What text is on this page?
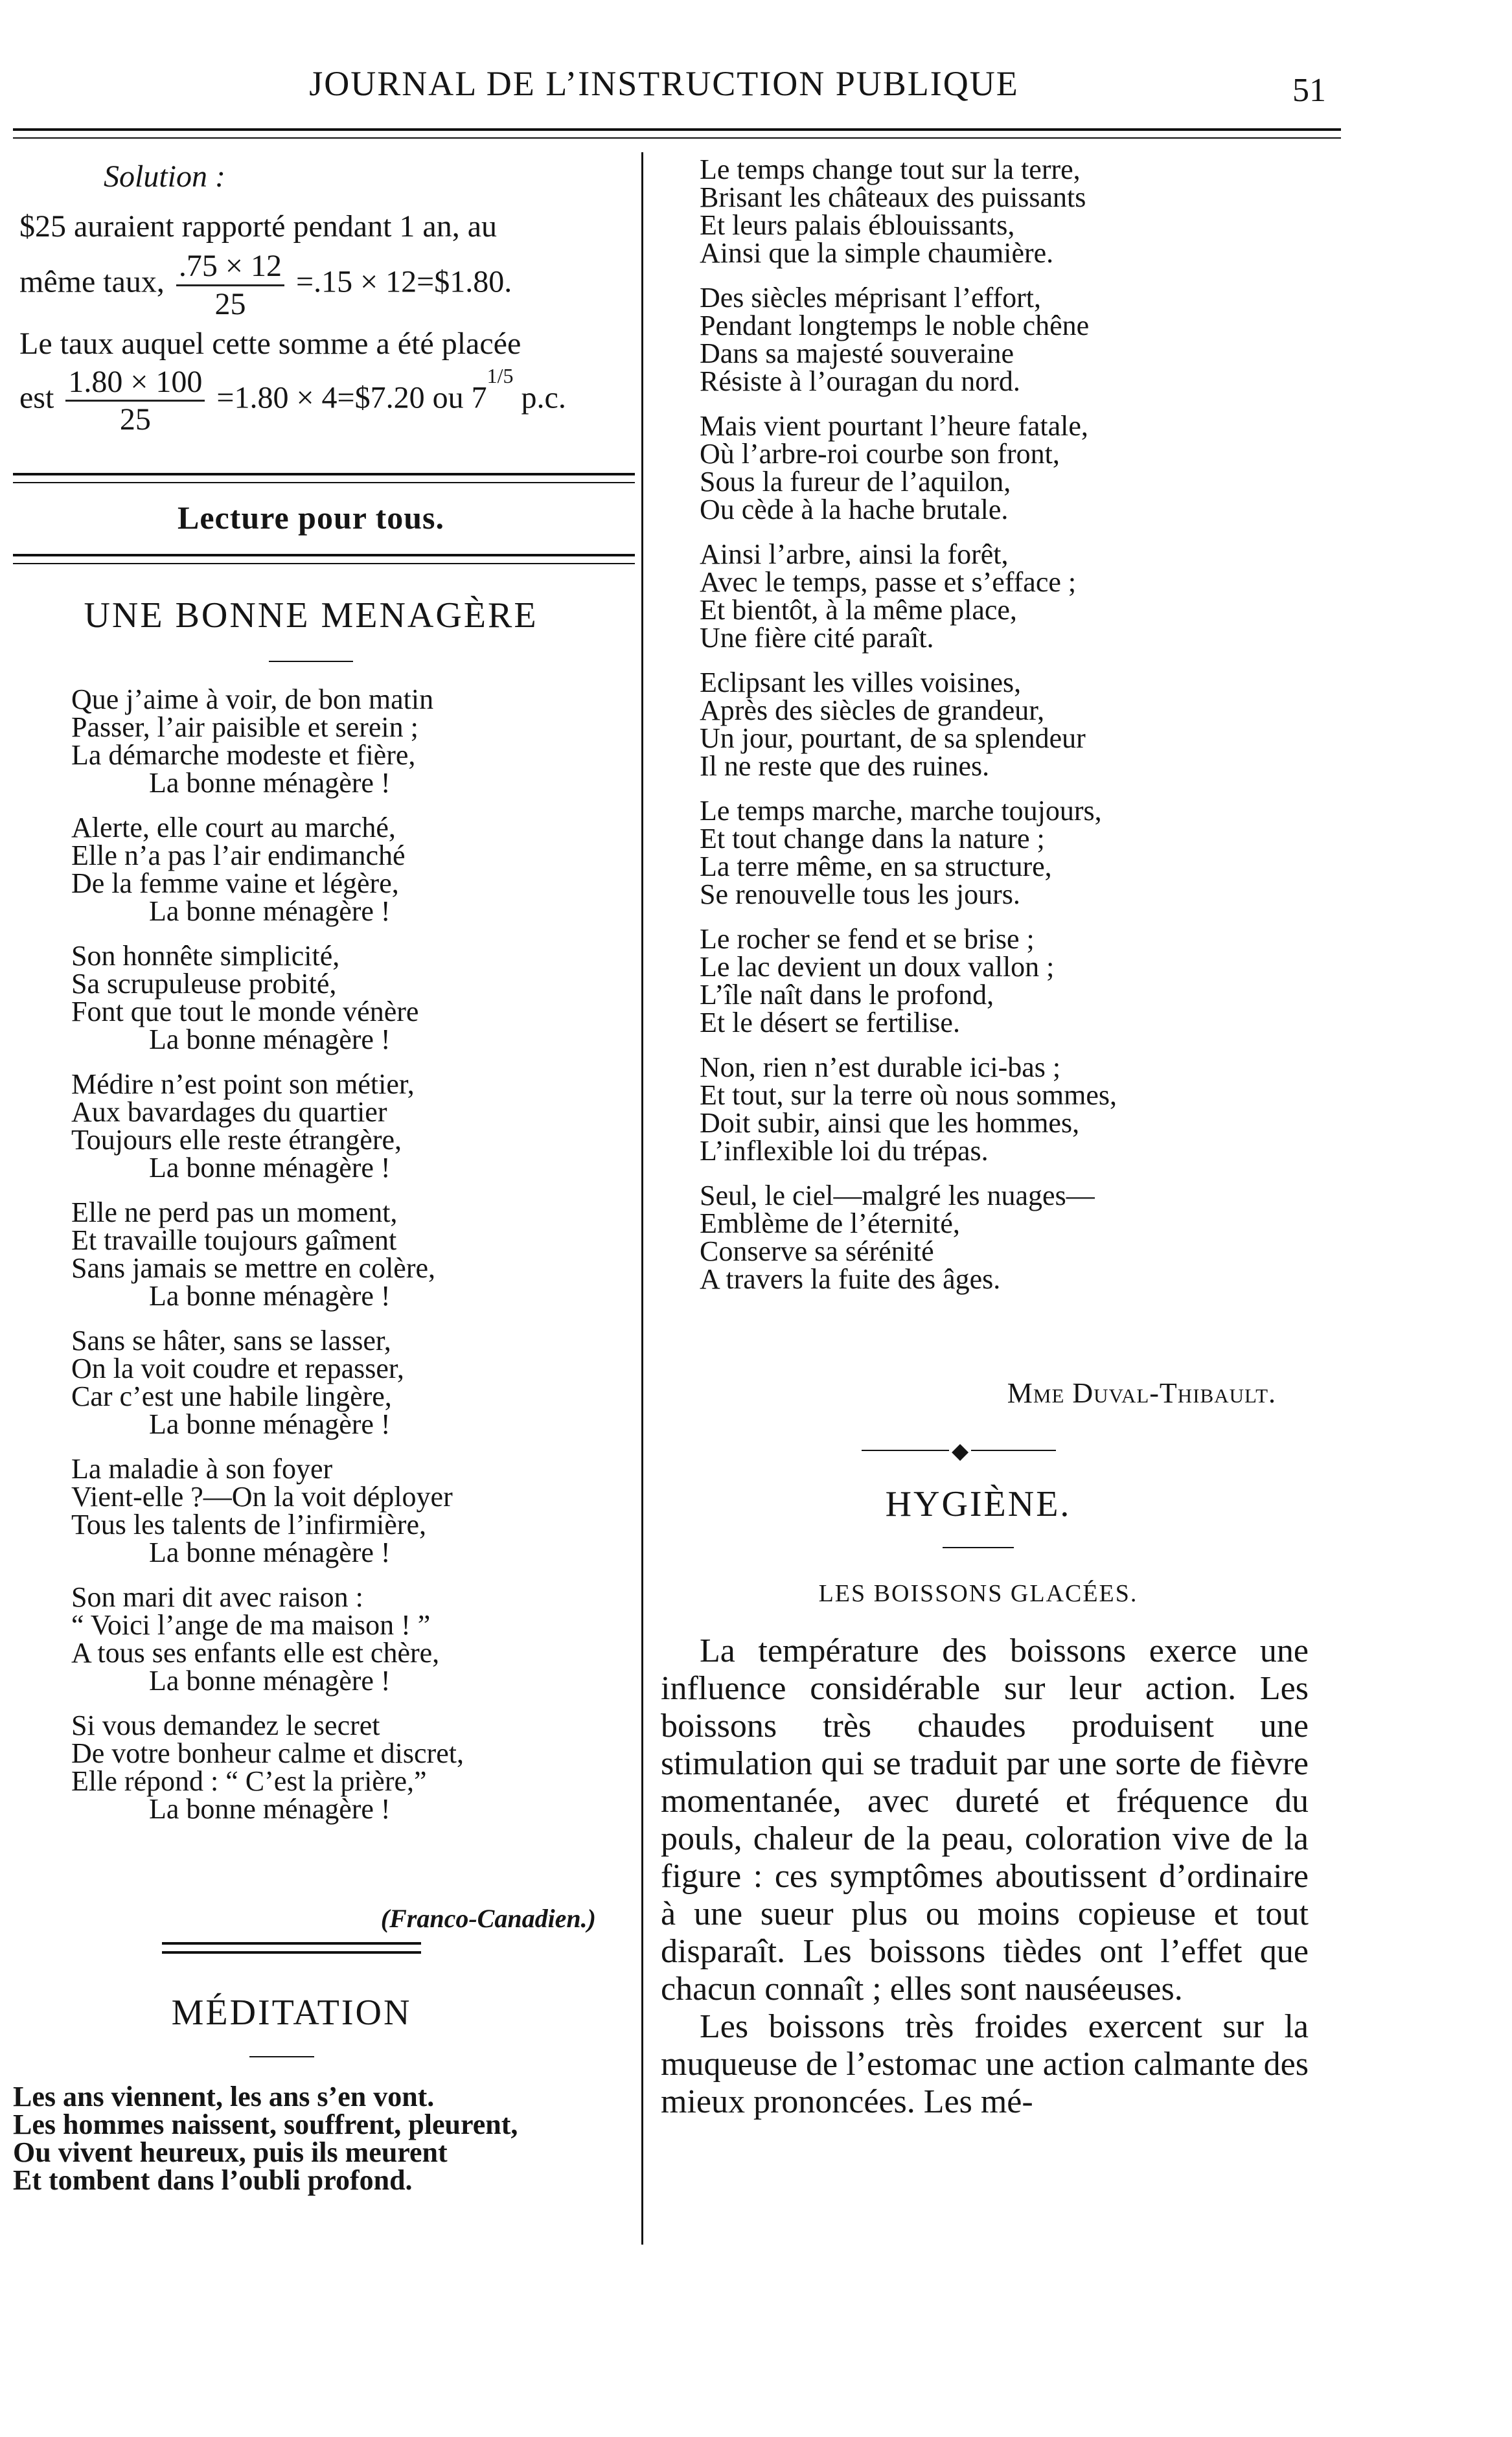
JOURNAL DE L’INSTRUCTION PUBLIQUE	51
Solution :
$25 auraient rapporté pendant 1 an, au
même taux, $\frac{.75 \times 12}{25} =.15$ × 12=$1.80.
Le taux auquel cette somme a été placée
est $\frac{1.80 \times 100}{25} =1.80$ × 4=$7.20 ou $7^{1/5}$ p.c.
Lecture pour tous.
UNE BONNE MENAGÈRE
Que j’aime à voir, de bon matin
Passer, l’air paisible et serein ;
La démarche modeste et fière,
La bonne ménagère !
Alerte, elle court au marché,
Elle n’a pas l’air endimanché
De la femme vaine et légère,
La bonne ménagère !
Son honnête simplicité,
Sa scrupuleuse probité,
Font que tout le monde vénère
La bonne ménagère !
Médire n’est point son métier,
Aux bavardages du quartier
Toujours elle reste étrangère,
La bonne ménagère !
Elle ne perd pas un moment,
Et travaille toujours gaîment
Sans jamais se mettre en colère,
La bonne ménagère !
Sans se hâter, sans se lasser,
On la voit coudre et repasser,
Car c’est une habile lingère,
La bonne ménagère !
La maladie à son foyer
Vient-elle ?—On la voit déployer
Tous les talents de l’infirmière,
La bonne ménagère !
Son mari dit avec raison :
“ Voici l’ange de ma maison ! ”
A tous ses enfants elle est chère,
La bonne ménagère !
Si vous demandez le secret
De votre bonheur calme et discret,
Elle répond : “ C’est la prière,”
La bonne ménagère !
(Franco-Canadien.)
MÉDITATION
Les ans viennent, les ans s’en vont.
Les hommes naissent, souffrent, pleurent,
Ou vivent heureux, puis ils meurent
Et tombent dans l’oubli profond.
Le temps change tout sur la terre,
Brisant les châteaux des puissants
Et leurs palais éblouissants,
Ainsi que la simple chaumière.
Des siècles méprisant l’effort,
Pendant longtemps le noble chêne
Dans sa majesté souveraine
Résiste à l’ouragan du nord.
Mais vient pourtant l’heure fatale,
Où l’arbre-roi courbe son front,
Sous la fureur de l’aquilon,
Ou cède à la hache brutale.
Ainsi l’arbre, ainsi la forêt,
Avec le temps, passe et s’efface ;
Et bientôt, à la même place,
Une fière cité paraît.
Eclipsant les villes voisines,
Après des siècles de grandeur,
Un jour, pourtant, de sa splendeur
Il ne reste que des ruines.
Le temps marche, marche toujours,
Et tout change dans la nature ;
La terre même, en sa structure,
Se renouvelle tous les jours.
Le rocher se fend et se brise ;
Le lac devient un doux vallon ;
L’île naît dans le profond,
Et le désert se fertilise.
Non, rien n’est durable ici-bas ;
Et tout, sur la terre où nous sommes,
Doit subir, ainsi que les hommes,
L’inflexible loi du trépas.
Seul, le ciel—malgré les nuages—
Emblème de l’éternité,
Conserve sa sérénité
A travers la fuite des âges.
Mme Duval-Thibault.
◆
HYGIÈNE.
LES BOISSONS GLACÉES.

La température des boissons exerce une influence considérable sur leur action. Les boissons très chaudes produisent une stimulation qui se traduit par une sorte de fièvre momentanée, avec dureté et fréquence du pouls, chaleur de la peau, coloration vive de la figure : ces symptômes aboutissent d’ordinaire à une sueur plus ou moins copieuse et tout disparaît. Les boissons tièdes ont l’effet que chacun connaît ; elles sont nauséeuses.

Les boissons très froides exercent sur la muqueuse de l’estomac une action calmante des mieux prononcées. Les mé-
